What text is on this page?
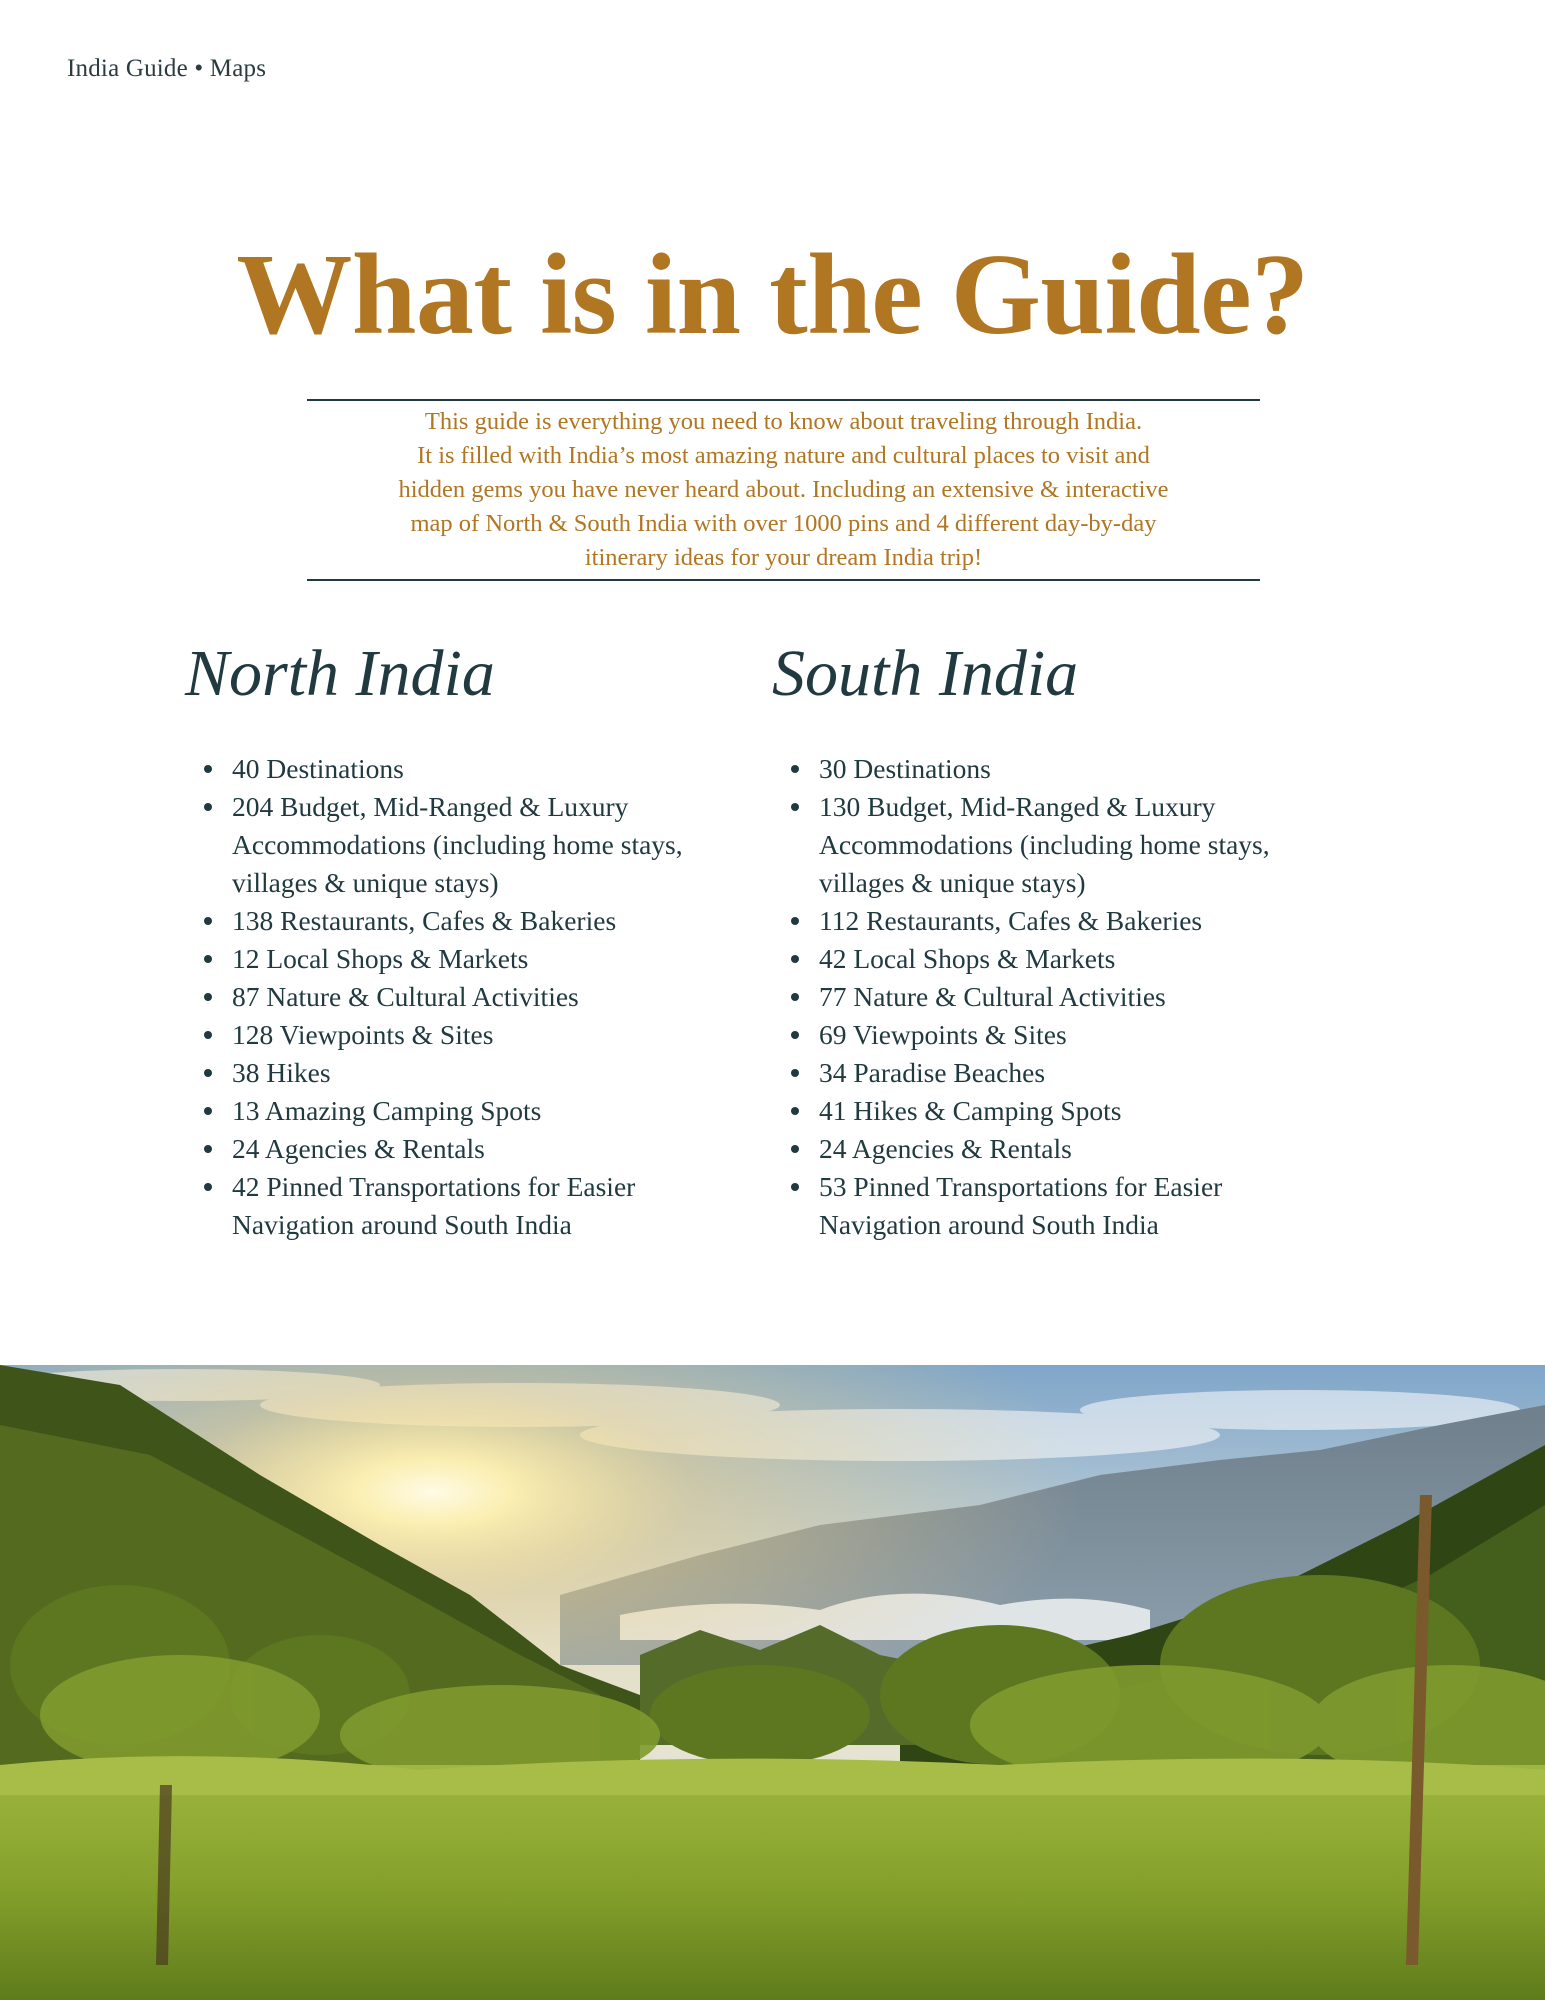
India Guide • Maps
What is in the Guide?
This guide is everything you need to know about traveling through India.
It is filled with India’s most amazing nature and cultural places to visit and
hidden gems you have never heard about. Including an extensive & interactive
map of North & South India with over 1000 pins and 4 different day-by-day
itinerary ideas for your dream India trip!
North India
40 Destinations
204 Budget, Mid-Ranged & Luxury
Accommodations (including home stays,
villages & unique stays)
138 Restaurants, Cafes & Bakeries
12 Local Shops & Markets
87 Nature & Cultural Activities
128 Viewpoints & Sites
38 Hikes
13 Amazing Camping Spots
24 Agencies & Rentals
42 Pinned Transportations for Easier
Navigation around South India
South India
30 Destinations
130 Budget, Mid-Ranged & Luxury
Accommodations (including home stays,
villages & unique stays)
112 Restaurants, Cafes & Bakeries
42 Local Shops & Markets
77 Nature & Cultural Activities
69 Viewpoints & Sites
34 Paradise Beaches
41 Hikes & Camping Spots
24 Agencies & Rentals
53 Pinned Transportations for Easier
Navigation around South India
